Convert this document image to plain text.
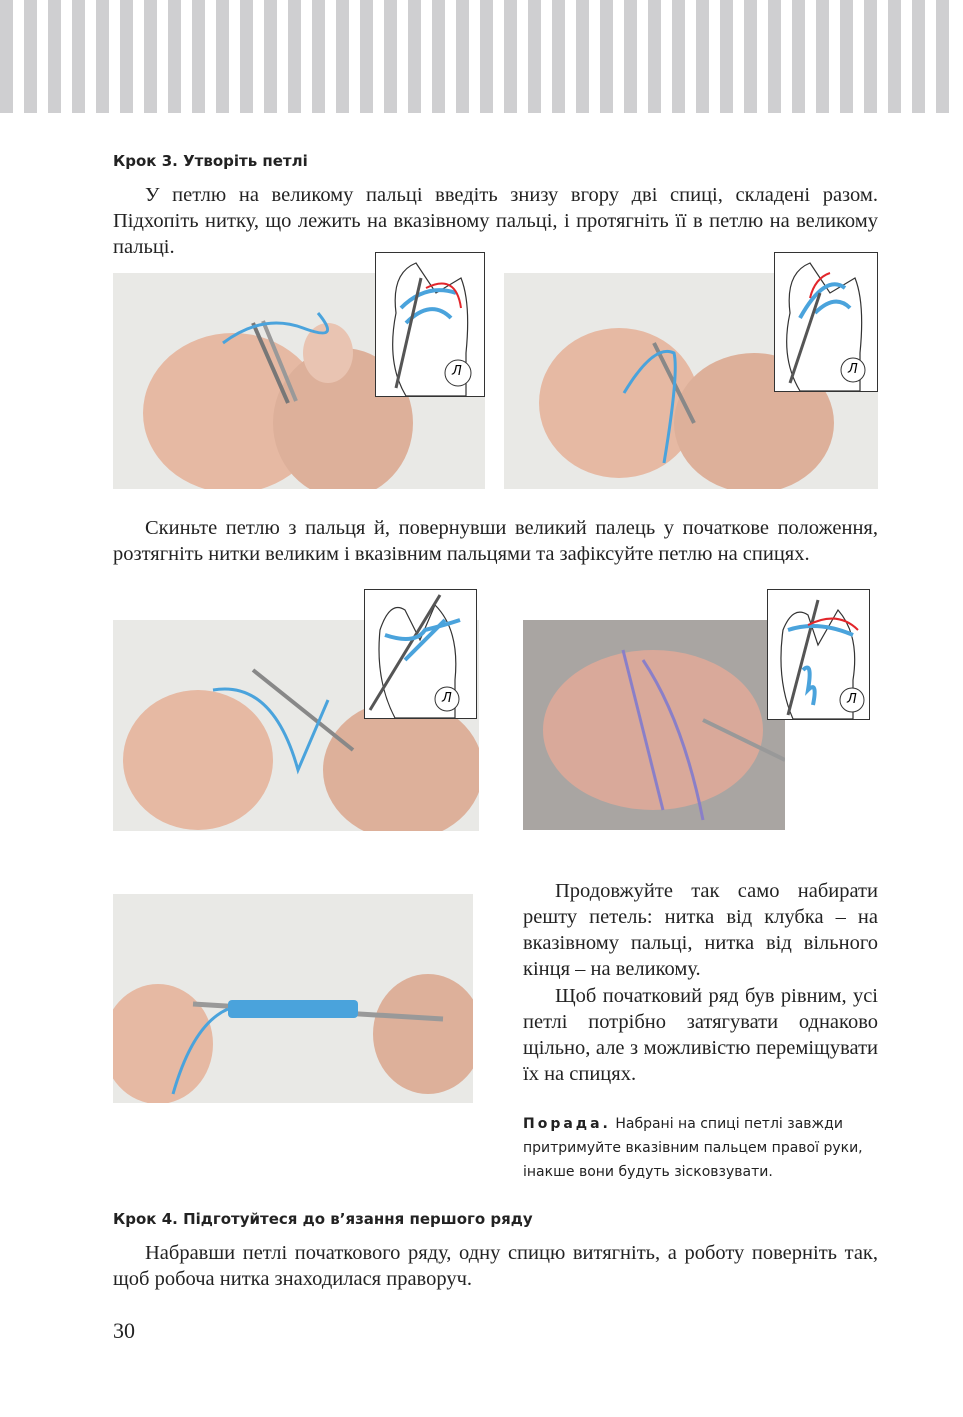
Крок 3. Утворіть петлі
У петлю на великому пальці введіть знизу вгору дві спиці, складені разом. Підхопіть нитку, що лежить на вказівному пальці, і протягніть її в петлю на великому пальці.
Л	Л
Скиньте петлю з пальця й, повернувши великий палець у початкове положення, розтягніть нитки великим і вказівним пальцями та зафіксуйте петлю на спицях.
Л	Л
Продовжуйте так само набирати решту петель: нитка від клубка – на вказівному пальці, нитка від вільного кінця – на великому.
Щоб початковий ряд був рівним, усі петлі потрібно затягувати однаково щільно, але з можливістю переміщувати їх на спицях.
Порада. Набрані на спиці петлі завжди притримуйте вказівним пальцем правої руки, інакше вони будуть зісковзувати.
Крок 4. Підготуйтеся до в’язання першого ряду
Набравши петлі початкового ряду, одну спицю витягніть, а роботу поверніть так, щоб робоча нитка знаходилася праворуч.
30
